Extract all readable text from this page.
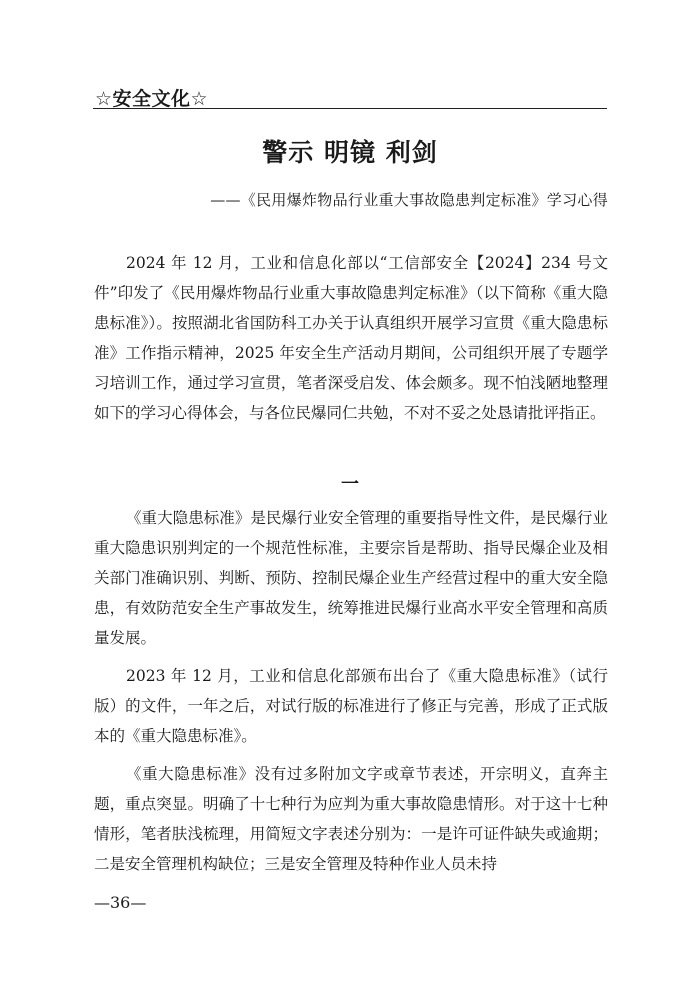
☆安全文化☆
警示 明镜 利剑
——《民用爆炸物品行业重大事故隐患判定标准》学习心得

2024 年 12 月，工业和信息化部以“工信部安全【2024】234 号文件”印发了《民用爆炸物品行业重大事故隐患判定标准》（以下简称《重大隐患标准》）。按照湖北省国防科工办关于认真组织开展学习宣贯《重大隐患标准》工作指示精神，2025 年安全生产活动月期间，公司组织开展了专题学习培训工作，通过学习宣贯，笔者深受启发、体会颇多。现不怕浅陋地整理如下的学习心得体会，与各位民爆同仁共勉，不对不妥之处恳请批评指正。

一

《重大隐患标准》是民爆行业安全管理的重要指导性文件，是民爆行业重大隐患识别判定的一个规范性标准，主要宗旨是帮助、指导民爆企业及相关部门准确识别、判断、预防、控制民爆企业生产经营过程中的重大安全隐患，有效防范安全生产事故发生，统筹推进民爆行业高水平安全管理和高质量发展。

2023 年 12 月，工业和信息化部颁布出台了《重大隐患标准》（试行版）的文件，一年之后，对试行版的标准进行了修正与完善，形成了正式版本的《重大隐患标准》。

《重大隐患标准》没有过多附加文字或章节表述，开宗明义，直奔主题，重点突显。明确了十七种行为应判为重大事故隐患情形。对于这十七种情形，笔者肤浅梳理，用简短文字表述分别为：一是许可证件缺失或逾期；二是安全管理机构缺位；三是安全管理及特种作业人员未持

—36—
